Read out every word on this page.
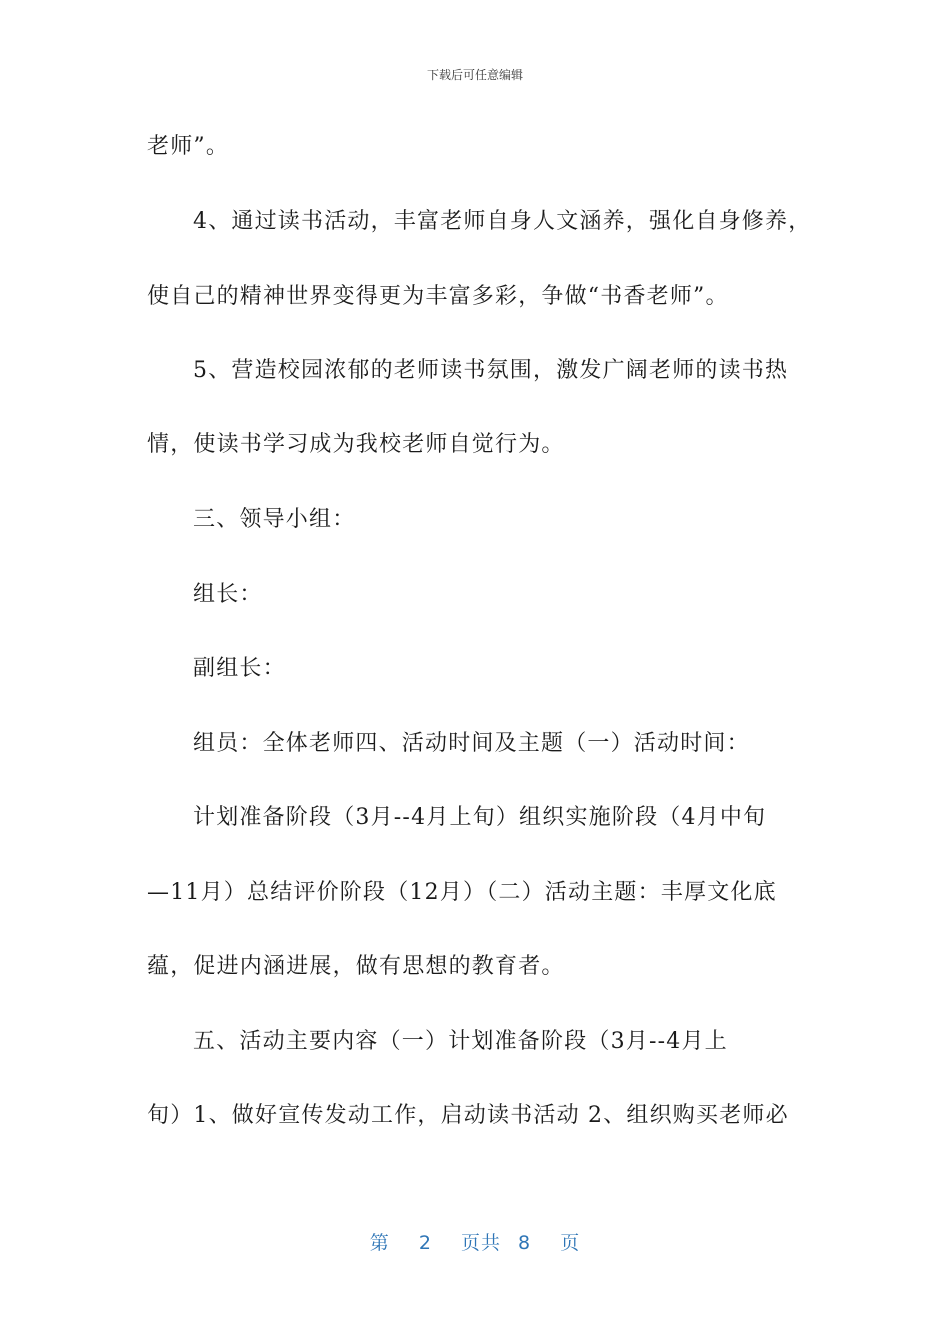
下载后可任意编辑
老师”。
4、通过读书活动，丰富老师自身人文涵养，强化自身修养，
使自己的精神世界变得更为丰富多彩，争做“书香老师”。
5、营造校园浓郁的老师读书氛围，激发广阔老师的读书热
情，使读书学习成为我校老师自觉行为。
三、领导小组：
组长：
副组长：
组员：全体老师四、活动时间及主题（一）活动时间：
计划准备阶段（3月--4月上旬）组织实施阶段（4月中旬
—11月）总结评价阶段（12月）（二）活动主题：丰厚文化底
蕴，促进内涵进展，做有思想的教育者。
五、活动主要内容（一）计划准备阶段（3月--4月上
旬）1、做好宣传发动工作，启动读书活动 2、组织购买老师必
第 2 页共 8 页
